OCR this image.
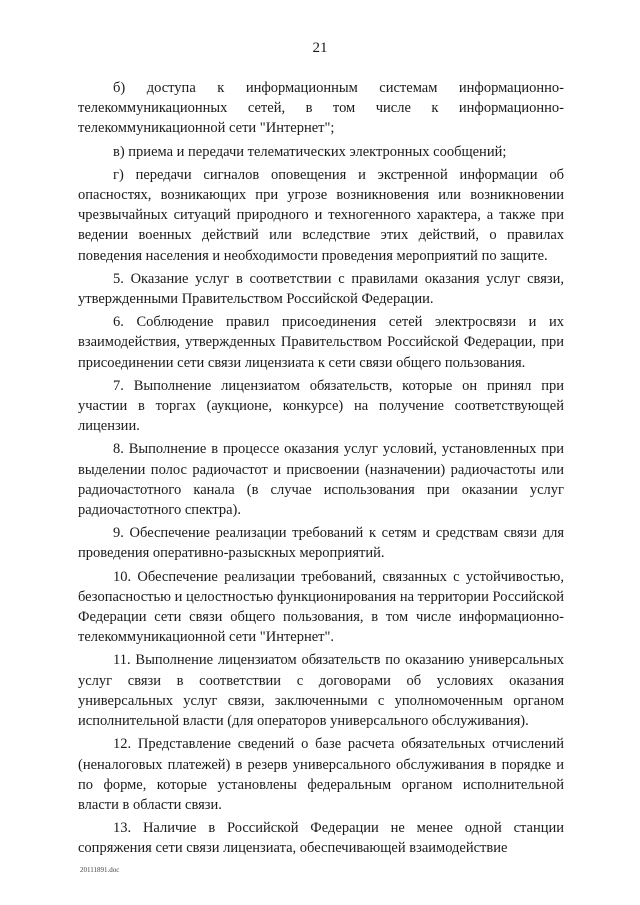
21

б) доступа к информационным системам информационно-телекоммуникационных сетей, в том числе к информационно-телекоммуникационной сети "Интернет";

в) приема и передачи телематических электронных сообщений;

г) передачи сигналов оповещения и экстренной информации об опасностях, возникающих при угрозе возникновения или возникновении чрезвычайных ситуаций природного и техногенного характера, а также при ведении военных действий или вследствие этих действий, о правилах поведения населения и необходимости проведения мероприятий по защите.

5. Оказание услуг в соответствии с правилами оказания услуг связи, утвержденными Правительством Российской Федерации.

6. Соблюдение правил присоединения сетей электросвязи и их взаимодействия, утвержденных Правительством Российской Федерации, при присоединении сети связи лицензиата к сети связи общего пользования.

7. Выполнение лицензиатом обязательств, которые он принял при участии в торгах (аукционе, конкурсе) на получение соответствующей лицензии.

8. Выполнение в процессе оказания услуг условий, установленных при выделении полос радиочастот и присвоении (назначении) радиочастоты или радиочастотного канала (в случае использования при оказании услуг радиочастотного спектра).

9. Обеспечение реализации требований к сетям и средствам связи для проведения оперативно-разыскных мероприятий.

10. Обеспечение реализации требований, связанных с устойчивостью, безопасностью и целостностью функционирования на территории Российской Федерации сети связи общего пользования, в том числе информационно-телекоммуникационной сети "Интернет".

11. Выполнение лицензиатом обязательств по оказанию универсальных услуг связи в соответствии с договорами об условиях оказания универсальных услуг связи, заключенными с уполномоченным органом исполнительной власти (для операторов универсального обслуживания).

12. Представление сведений о базе расчета обязательных отчислений (неналоговых платежей) в резерв универсального обслуживания в порядке и по форме, которые установлены федеральным органом исполнительной власти в области связи.

13. Наличие в Российской Федерации не менее одной станции сопряжения сети связи лицензиата, обеспечивающей взаимодействие

20111891.doc
